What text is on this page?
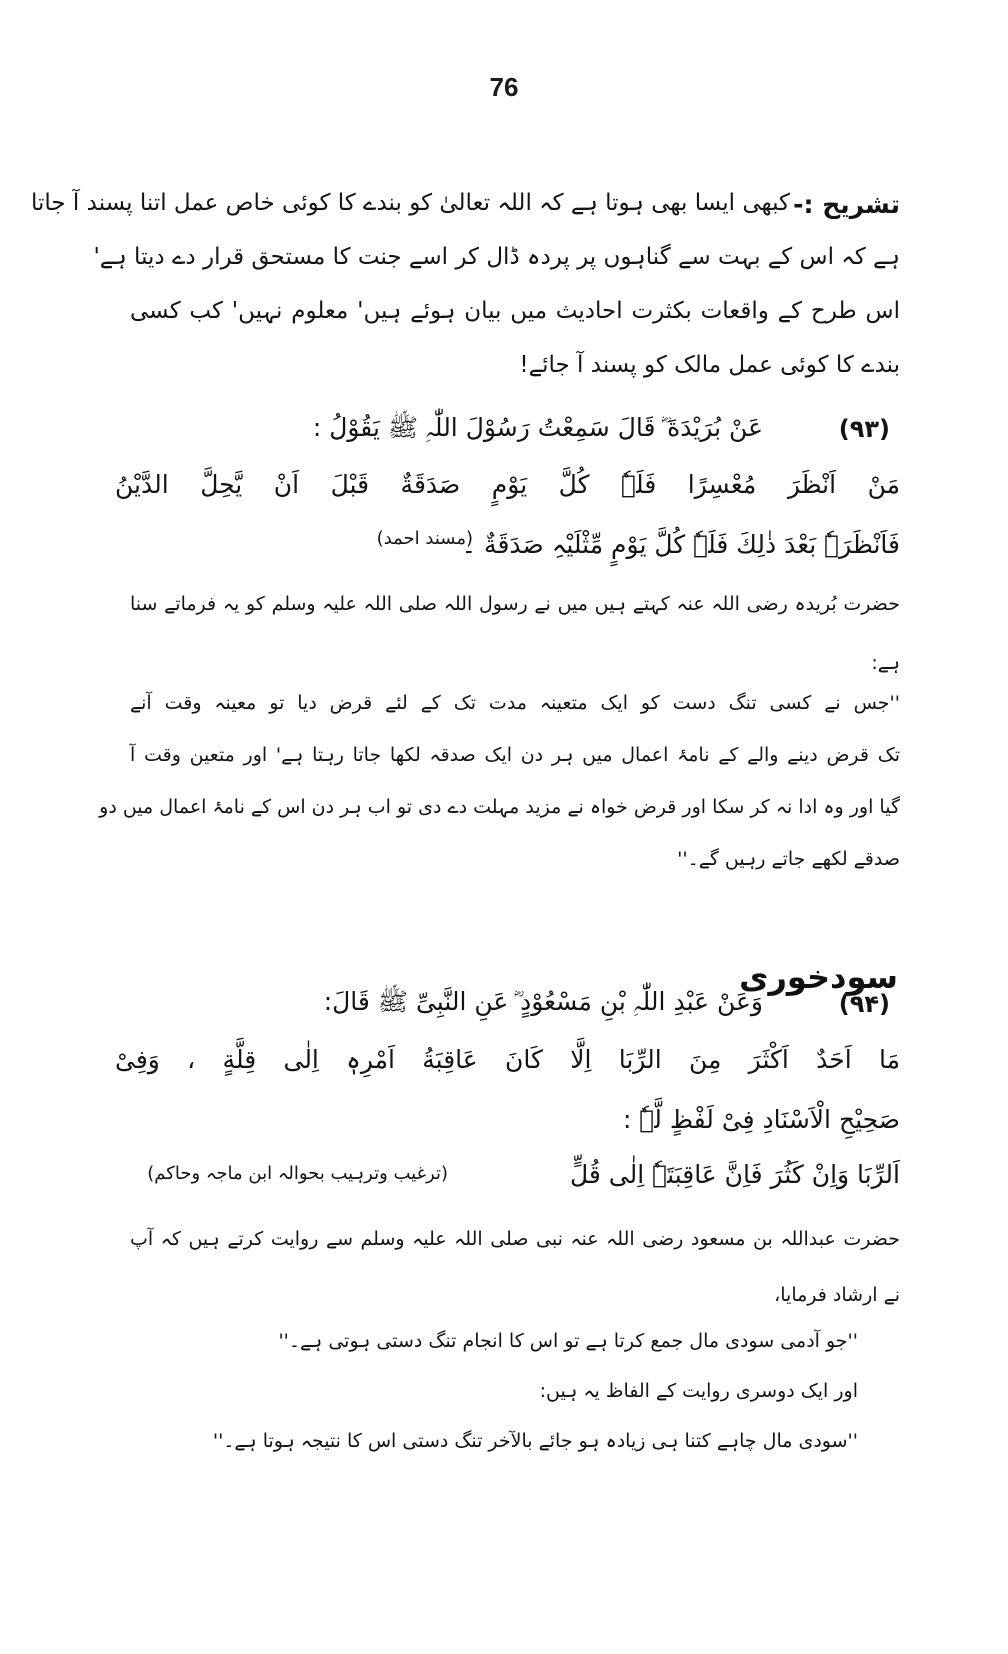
76
تشریح :-
کبھی ایسا بھی ہوتا ہے کہ اللہ تعالیٰ کو بندے کا کوئی خاص عمل اتنا پسند آ جاتا
ہے کہ اس کے بہت سے گناہوں پر پردہ ڈال کر اسے جنت کا مستحق قرار دے دیتا ہے'
اس طرح کے واقعات بکثرت احادیث میں بیان ہوئے ہیں' معلوم نہیں' کب کسی
بندے کا کوئی عمل مالک کو پسند آ جائے!
(۹۳)
عَنْ بُرَیْدَةَ ؓ قَالَ سَمِعْتُ رَسُوْلَ اللّٰہِ ﷺ یَقُوْلُ :
مَنْ اَنْظَرَ مُعْسِرًا فَلَہٗ کُلَّ یَوْمٍ صَدَقَةٌ قَبْلَ اَنْ یَّحِلَّ الدَّیْنُ
فَاَنْظَرَہٗ بَعْدَ ذٰلِكَ فَلَہٗ کُلَّ یَوْمٍ مِّثْلَیْہِ صَدَقَةٌ ۔
(مسند احمد)
حضرت بُریدہ رضی اللہ عنہ کہتے ہیں میں نے رسول اللہ صلی اللہ علیہ وسلم کو یہ فرماتے سنا
ہے:
''جس نے کسی تنگ دست کو ایک متعینہ مدت تک کے لئے قرض دیا تو معینہ وقت آنے
تک قرض دینے والے کے نامۂ اعمال میں ہر دن ایک صدقہ لکھا جاتا رہتا ہے' اور متعین وقت آ
گیا اور وہ ادا نہ کر سکا اور قرض خواہ نے مزید مہلت دے دی تو اب ہر دن اس کے نامۂ اعمال میں دو
صدقے لکھے جاتے رہیں گے۔''
سودخوری
(۹۴)
وَعَنْ عَبْدِ اللّٰہِ بْنِ مَسْعُوْدٍ ؓ عَنِ النَّبِیِّ ﷺ قَالَ:
مَا اَحَدٌ اَکْثَرَ مِنَ الرِّبَا اِلَّا کَانَ عَاقِبَةُ اَمْرِہٖ اِلٰی قِلَّةٍ ، وَفِیْ
صَحِیْحِ الْاَسْنَادِ فِیْ لَفْظٍ لَّہٗ :
اَلرِّبَا وَاِنْ کَثُرَ فَاِنَّ عَاقِبَتَہٗ اِلٰی قُلٍّ
(ترغیب وترہیب بحوالہ ابن ماجہ وحاکم)
حضرت عبداللہ بن مسعود رضی اللہ عنہ نبی صلی اللہ علیہ وسلم سے روایت کرتے ہیں کہ آپ
نے ارشاد فرمایا،
''جو آدمی سودی مال جمع کرتا ہے تو اس کا انجام تنگ دستی ہوتی ہے۔''
اور ایک دوسری روایت کے الفاظ یہ ہیں:
''سودی مال چاہے کتنا ہی زیادہ ہو جائے بالآخر تنگ دستی اس کا نتیجہ ہوتا ہے۔''
